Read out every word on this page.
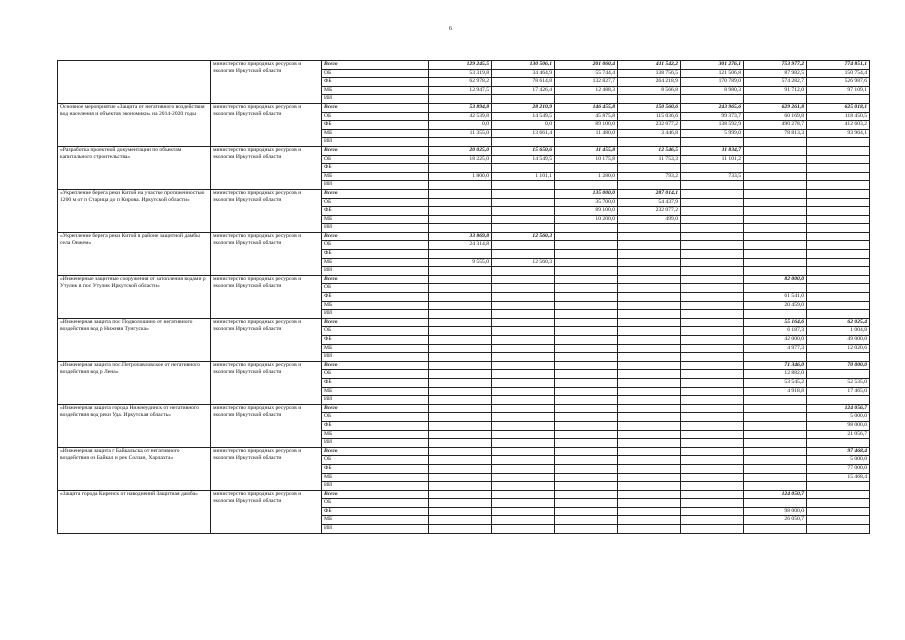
6
	министерство природных ресурсов и экологии Иркутской области	Всего	129 245,5	130 506,1	201 060,4	411 542,2	301 276,1	753 977,2	774 851,1
		ОБ	53 319,8	34 464,9	55 744,4	138 756,5	121 506,8	87 982,5	150 754,4
		ФБ	62 978,2	78 614,8	132 827,7	264 218,9	170 789,0	574 282,7	526 987,6
		МБ	12 947,5	17 426,4	12 488,3	8 566,8	8 980,3	91 712,0	97 109,1
		ИИ							
Основное мероприятие «Защита от негативного воздействия вод населения и объектов экономики» на 2014-2020 годы	министерство природных ресурсов и экологии Иркутской области	Всего	53 894,8	28 210,9	146 455,8	150 560,6	243 965,6	629 261,8	625 018,1
		ОБ	42 539,8	14 549,5	45 875,8	115 036,6	99 373,7	60 169,8	118 450,5
		ФБ	0,0	0,0	89 100,0	232 077,2	138 592,9	490 278,7	412 603,2
		МБ	11 355,0	13 661,4	11 480,0	3 446,8	5 999,0	78 813,3	93 964,1
		ИИ							
«Разработка проектной документации по объектам капитального строительства»	министерство природных ресурсов и экологии Иркутской области	Всего	20 025,0	15 650,6	11 455,8	12 546,5	11 834,7		
		ОБ	18 225,0	14 549,5	10 175,8	11 753,3	11 101,2		
		ФБ							
		МБ	1 800,0	1 101,1	1 280,0	793,2	733,5		
		ИИ							
«Укрепление берега реки Китой на участке протяженностью 1200 м от п Старица до п Кирова. Иркутской области»	министерство природных ресурсов и экологии Иркутской области	Всего			135 000,0	287 014,1			
		ОБ			35 700,0	54 437,9			
		ФБ			89 100,0	232 077,2			
		МБ			10 200,0	499,0			
		ИИ							
«Укрепление берега реки Китой в районе защитной дамбы села Онжем»	министерство природных ресурсов и экологии Иркутской области	Всего	33 869,8	12 560,3					
		ОБ	24 314,8						
		ФБ							
		МБ	9 555,0	12 560,3					
		ИИ							
«Инженерные защитные сооружения от затопления водами р Утулик в пос Утулик Иркутской области»	министерство природных ресурсов и экологии Иркутской области	Всего						82 000,0	
		ОБ							
		ФБ						61 541,0	
		МБ						20 459,0	
		ИИ							
«Инженерная защита пос Подволошино от негативного воздействия вод р Нижняя Тунгуска»	министерство природных ресурсов и экологии Иркутской области	Всего						55 164,6	62 025,4
		ОБ						6 187,3	1 004,8
		ФБ						42 000,0	49 000,0
		МБ						4 977,3	12 020,6
		ИИ							
«Инженерная защита пос.Петропавловское от негативного воздействия вод р Лена»	министерство природных ресурсов и экологии Иркутской области	Всего						71 346,0	70 000,0
		ОБ						12 882,0	
		ФБ						53 545,2	52 535,0
		МБ						4 918,8	17 465,0
		ИИ							
«Инженерная защита города Нижнеудинск от негативного воздействия вод реки Уда. Иркутская область»	министерство природных ресурсов и экологии Иркутской области	Всего							124 056,7
		ОБ							5 000,0
		ФБ							98 000,0
		МБ							21 056,7
		ИИ							
«Инженерная защита г Байкальска от негативного воздействия оз Байкал и рек Солзан, Харлахта»	министерство природных ресурсов и экологии Иркутской области	Всего							97 468,4
		ОБ							5 000,0
		ФБ							77 000,0
		МБ							15 468,4
		ИИ							
«Защита города Киренск от наводнений Защитная дамба»	министерство природных ресурсов и экологии Иркутской области	Всего						124 050,7	
		ОБ							
		ФБ						98 000,0	
		МБ						26 050,7	
		ИИ							
